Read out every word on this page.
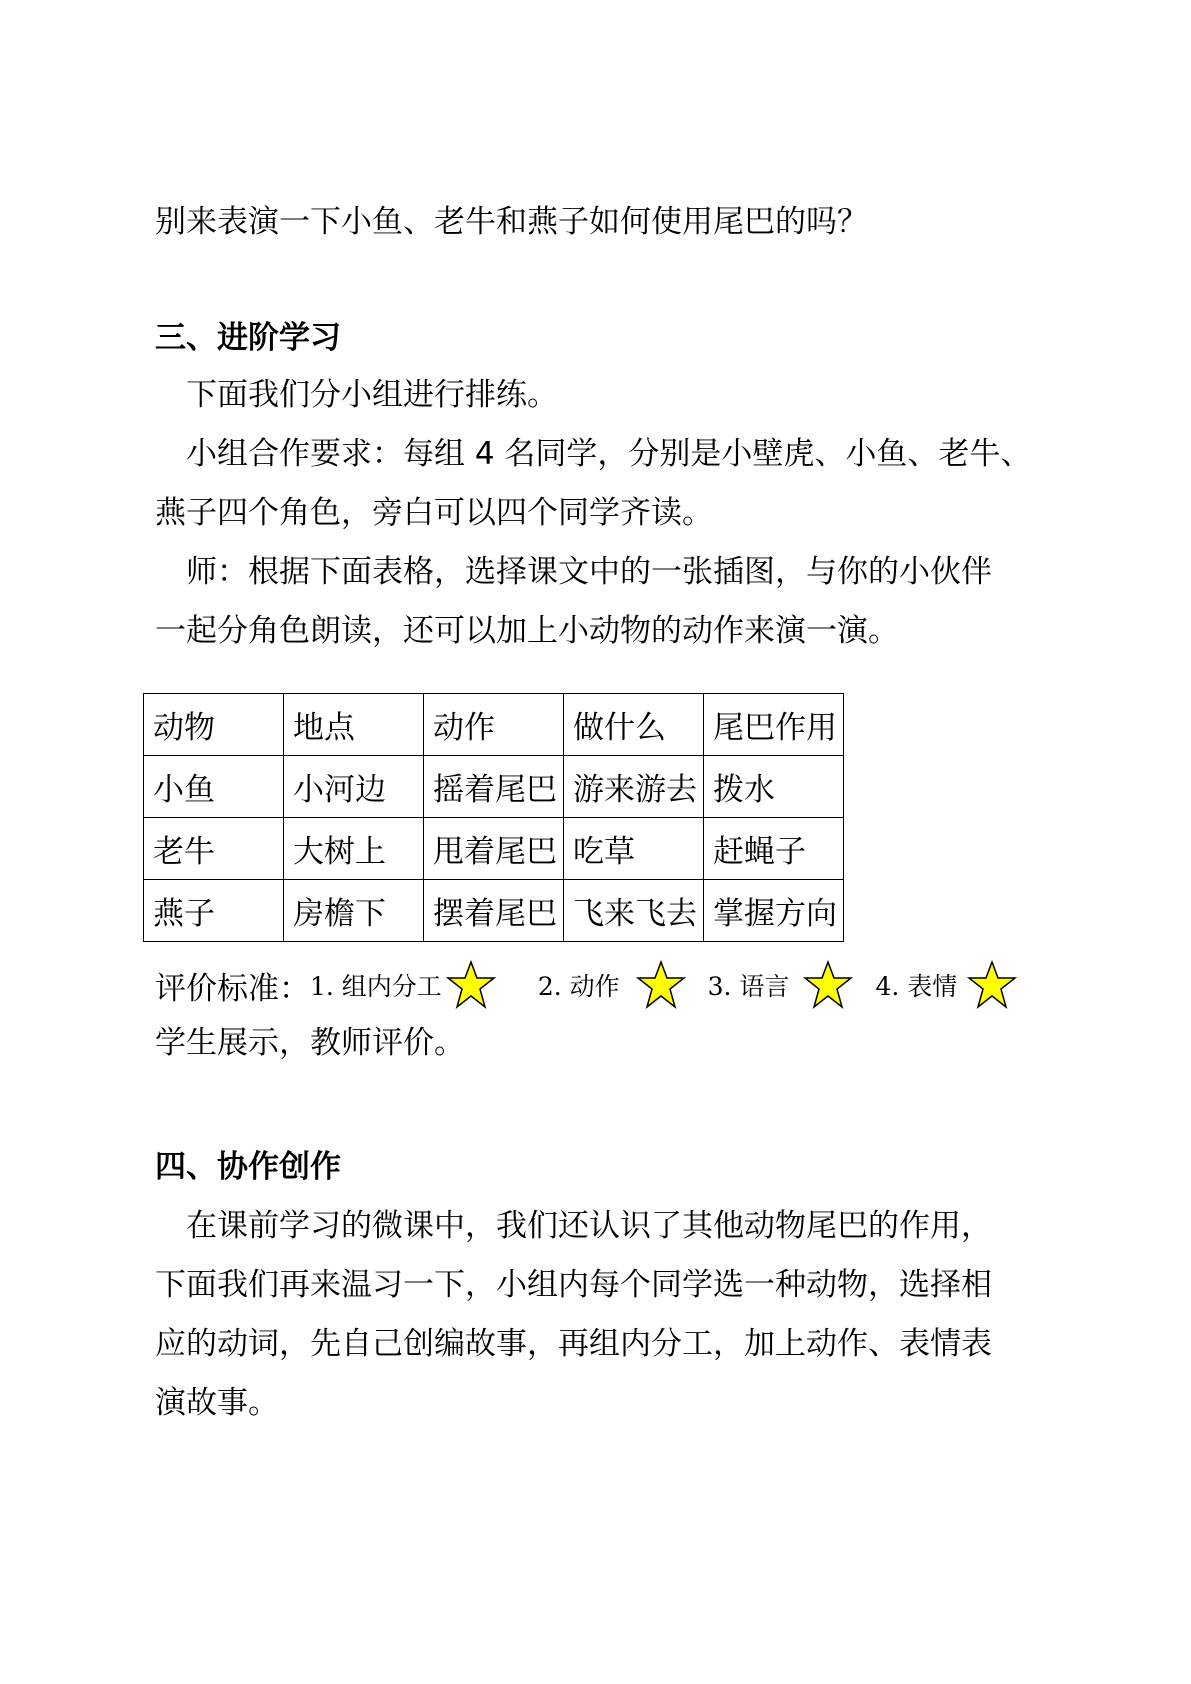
别来表演一下小鱼、老牛和燕子如何使用尾巴的吗？
三、进阶学习
下面我们分小组进行排练。
小组合作要求：每组 4 名同学，分别是小壁虎、小鱼、老牛、
燕子四个角色，旁白可以四个同学齐读。
师：根据下面表格，选择课文中的一张插图，与你的小伙伴
一起分角色朗读，还可以加上小动物的动作来演一演。
动物	地点	动作	做什么	尾巴作用
小鱼	小河边	摇着尾巴	游来游去	拨水
老牛	大树上	甩着尾巴	吃草	赶蝇子
燕子	房檐下	摆着尾巴	飞来飞去	掌握方向
评价标准： 1. 组内分工	2. 动作	3. 语言	4. 表情
学生展示，教师评价。
四、协作创作
在课前学习的微课中，我们还认识了其他动物尾巴的作用，
下面我们再来温习一下，小组内每个同学选一种动物，选择相
应的动词，先自己创编故事，再组内分工，加上动作、表情表
演故事。
